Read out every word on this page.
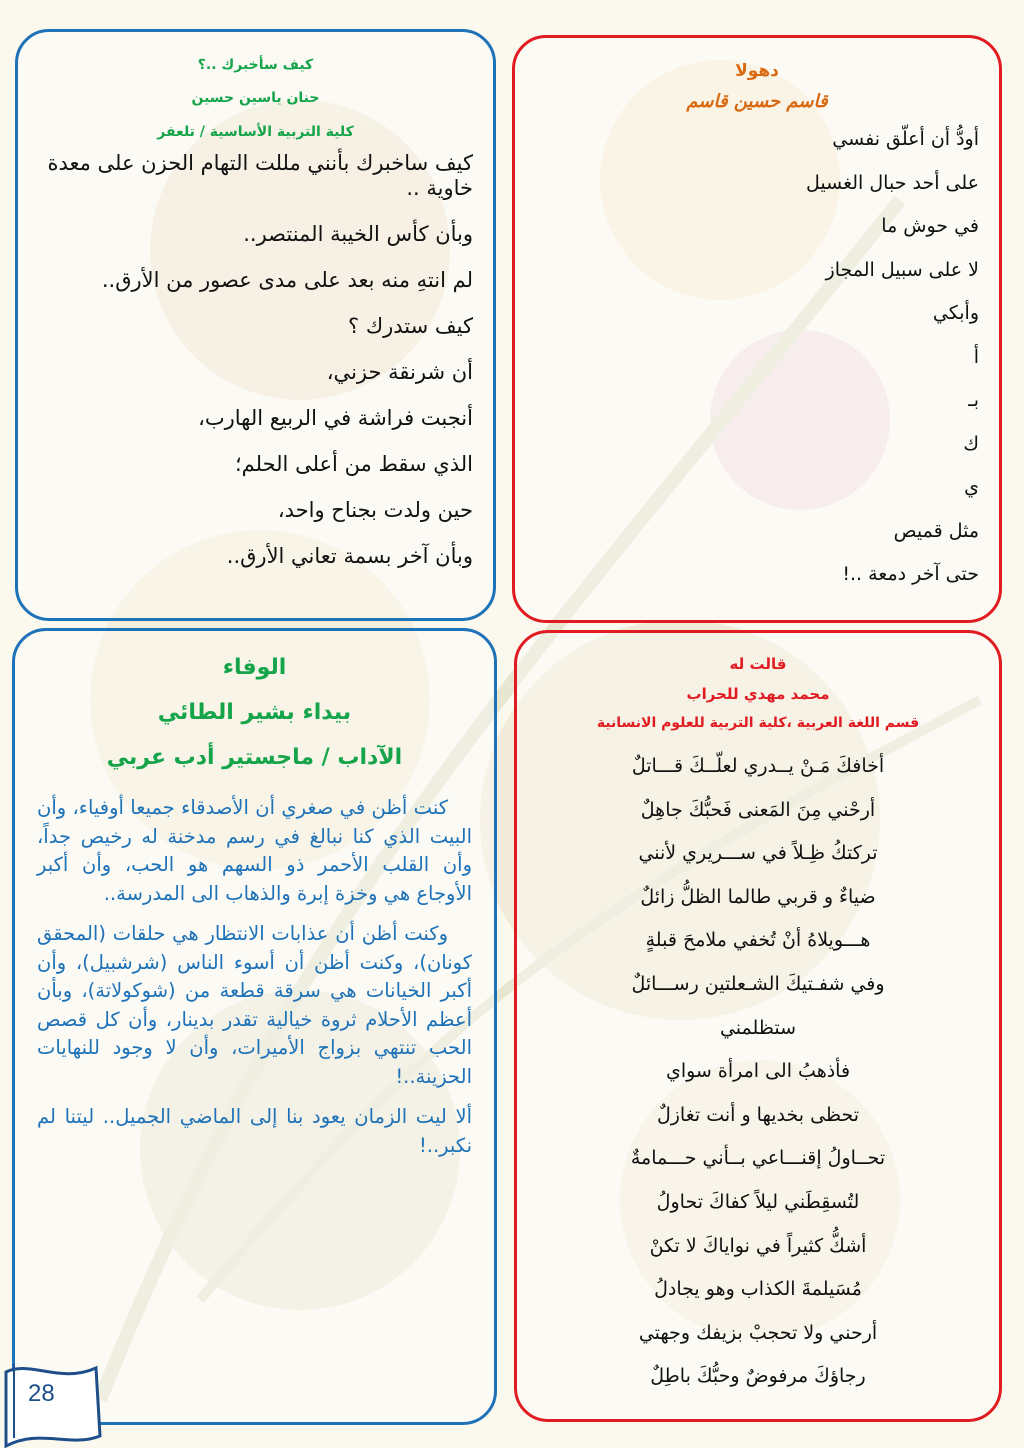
دهولا

قاسم حسين قاسم

أودُّ أن أعلّق نفسي

على أحد حبال الغسيل

في حوش ما

لا على سبيل المجاز

وأبكي

أ

بـ

ك

ي

مثل قميص

حتى آخر دمعة ..!

كيف سأخبرك ..؟

حنان ياسين حسين

كلية التربية الأساسية / تلعفر

كيف ساخبرك بأنني مللت التهام الحزن على معدة خاوية ..

وبأن كأس الخيبة المنتصر..

لم انتهِ منه بعد على مدى عصور من الأرق..

كيف ستدرك ؟

أن شرنقة حزني،

أنجبت فراشة في الربيع الهارب،

الذي سقط من أعلى الحلم؛

حين ولدت بجناح واحد،

وبأن آخر بسمة تعاني الأرق..

قالت له

محمد مهدي للحراب

قسم اللغة العربية ،كلية التربية للعلوم الانسانية

أخافكَ مَـنْ يــدري لعلّــكَ قـــاتلٌ

أرحْني مِنَ المَعنى فَحبُّكَ جاهِلٌ

تركتكُ ظِـلاً في ســـريري لأنني

ضياءٌ و قربي طالما الظلُّ زائلٌ

هـــويلاهُ أنْ تُخفي ملامحَ قبلةٍ

وفي شفـتيكَ الشـعلتين رســـائلٌ

ستظلمني

فأذهبُ الى امرأة سواي

تحظى بخديها و أنت تغازلٌ

تحــاولُ إقنـــاعي بــأني حـــمامةٌ

لتُسقِطَني ليلاً كفاكَ تحاولُ

أشكُّ كثيراً في نواياكَ لا تكنْ

مُسَيلمةَ الكذاب وهو يجادلُ

أرحني ولا تحجبْ بزيفك وجهتي

رجاؤكَ مرفوضٌ وحبُّكَ باطِلٌ

الوفاء

بيداء بشير الطائي

الآداب / ماجستير أدب عربي

كنت أظن في صغري أن الأصدقاء جميعا أوفياء، وأن البيت الذي كنا نبالغ في رسم مدخنة له رخيص جداً، وأن القلب الأحمر ذو السهم هو الحب، وأن أكبر الأوجاع هي وخزة إبرة والذهاب الى المدرسة..

وكنت أظن أن عذابات الانتظار هي حلقات (المحقق كونان)، وكنت أظن أن أسوء الناس (شرشبيل)، وأن أكبر الخيانات هي سرقة قطعة من (شوكولاتة)، وبأن أعظم الأحلام ثروة خيالية تقدر بدينار، وأن كل قصص الحب تنتهي بزواج الأميرات، وأن لا وجود للنهايات الحزينة..!

ألا ليت الزمان يعود بنا إلى الماضي الجميل.. ليتنا لم نكبر..!

28
